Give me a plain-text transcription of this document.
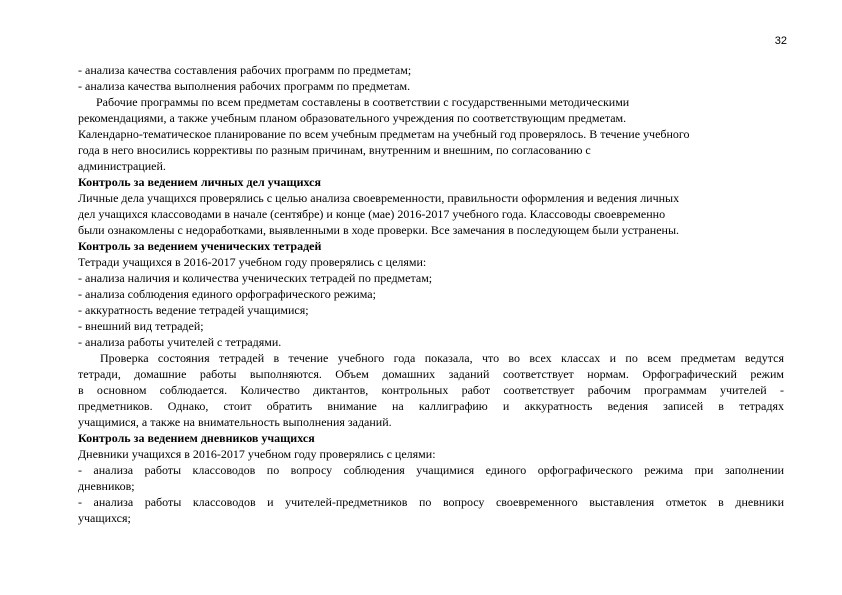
32
- анализа качества составления рабочих программ по предметам;
- анализа качества выполнения рабочих программ по предметам.
Рабочие программы по всем предметам составлены в соответствии с государственными методическими
рекомендациями, а также учебным планом образовательного учреждения по соответствующим предметам.
Календарно-тематическое планирование по всем учебным предметам на учебный год проверялось. В течение учебного
года в него вносились коррективы по разным причинам, внутренним и внешним, по согласованию с
администрацией.
Контроль за ведением личных дел учащихся
Личные дела учащихся проверялись с целью анализа своевременности, правильности оформления и ведения личных
дел учащихся классоводами в начале (сентябре) и конце (мае) 2016-2017 учебного года. Классоводы своевременно
были ознакомлены с недоработками, выявленными в ходе проверки. Все замечания в последующем были устранены.
Контроль за ведением ученических тетрадей
Тетради учащихся в 2016-2017 учебном году проверялись с целями:
- анализа наличия и количества ученических тетрадей по предметам;
- анализа соблюдения единого орфографического режима;
- аккуратность ведение тетрадей учащимися;
- внешний вид тетрадей;
- анализа работы учителей с тетрадями.
Проверка состояния тетрадей в течение учебного года показала, что во всех классах и по всем предметам ведутся
тетради, домашние работы выполняются. Объем домашних заданий соответствует нормам. Орфографический режим
в основном соблюдается. Количество диктантов, контрольных работ соответствует рабочим программам учителей -
предметников. Однако, стоит обратить внимание на каллиграфию и аккуратность ведения записей в тетрадях
учащимися, а также на внимательность выполнения заданий.
Контроль за ведением дневников учащихся
Дневники учащихся в 2016-2017 учебном году проверялись с целями:
- анализа работы классоводов по вопросу соблюдения учащимися единого орфографического режима при заполнении
дневников;
- анализа работы классоводов и учителей-предметников по вопросу своевременного выставления отметок в дневники
учащихся;
